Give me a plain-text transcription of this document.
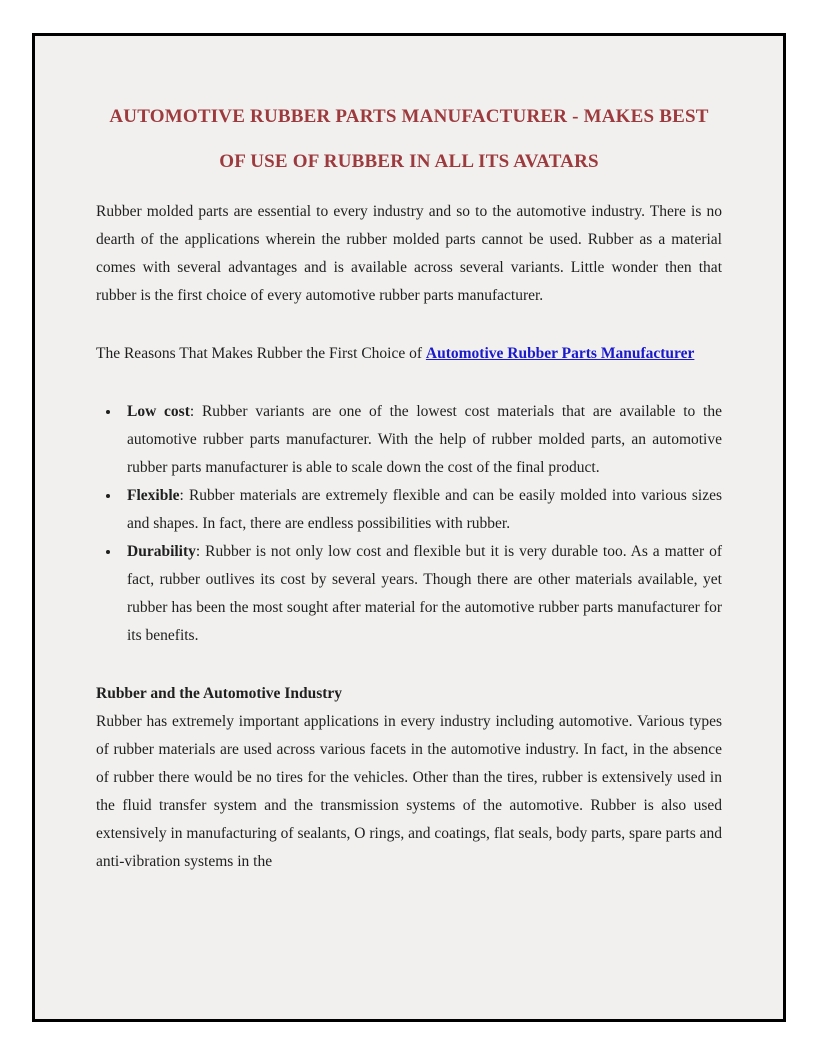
AUTOMOTIVE RUBBER PARTS MANUFACTURER - MAKES BEST OF USE OF RUBBER IN ALL ITS AVATARS

Rubber molded parts are essential to every industry and so to the automotive industry. There is no dearth of the applications wherein the rubber molded parts cannot be used. Rubber as a material comes with several advantages and is available across several variants. Little wonder then that rubber is the first choice of every automotive rubber parts manufacturer.

The Reasons That Makes Rubber the First Choice of Automotive Rubber Parts Manufacturer

• Low cost: Rubber variants are one of the lowest cost materials that are available to the automotive rubber parts manufacturer. With the help of rubber molded parts, an automotive rubber parts manufacturer is able to scale down the cost of the final product.
• Flexible: Rubber materials are extremely flexible and can be easily molded into various sizes and shapes. In fact, there are endless possibilities with rubber.
• Durability: Rubber is not only low cost and flexible but it is very durable too. As a matter of fact, rubber outlives its cost by several years. Though there are other materials available, yet rubber has been the most sought after material for the automotive rubber parts manufacturer for its benefits.
Rubber and the Automotive Industry

Rubber has extremely important applications in every industry including automotive. Various types of rubber materials are used across various facets in the automotive industry. In fact, in the absence of rubber there would be no tires for the vehicles. Other than the tires, rubber is extensively used in the fluid transfer system and the transmission systems of the automotive. Rubber is also used extensively in manufacturing of sealants, O rings, and coatings, flat seals, body parts, spare parts and anti-vibration systems in the
